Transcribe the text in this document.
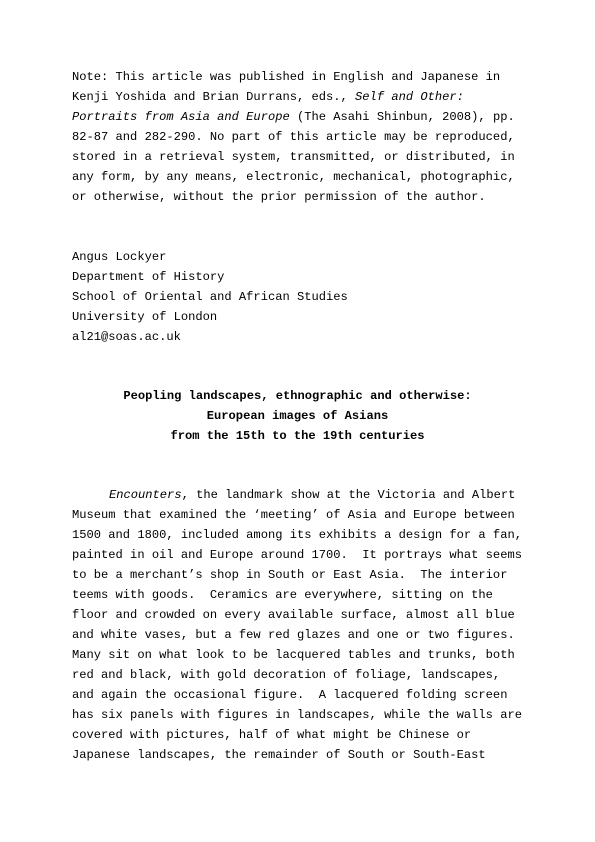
Note: This article was published in English and Japanese in
Kenji Yoshida and Brian Durrans, eds., Self and Other:
Portraits from Asia and Europe (The Asahi Shinbun, 2008), pp.
82-87 and 282-290. No part of this article may be reproduced,
stored in a retrieval system, transmitted, or distributed, in
any form, by any means, electronic, mechanical, photographic,
or otherwise, without the prior permission of the author.
Angus Lockyer
Department of History
School of Oriental and African Studies
University of London
al21@soas.ac.uk
Peopling landscapes, ethnographic and otherwise:
European images of Asians
from the 15th to the 19th centuries
Encounters, the landmark show at the Victoria and Albert
Museum that examined the ‘meeting’ of Asia and Europe between
1500 and 1800, included among its exhibits a design for a fan,
painted in oil and Europe around 1700.  It portrays what seems
to be a merchant’s shop in South or East Asia.  The interior
teems with goods.  Ceramics are everywhere, sitting on the
floor and crowded on every available surface, almost all blue
and white vases, but a few red glazes and one or two figures.
Many sit on what look to be lacquered tables and trunks, both
red and black, with gold decoration of foliage, landscapes,
and again the occasional figure.  A lacquered folding screen
has six panels with figures in landscapes, while the walls are
covered with pictures, half of what might be Chinese or
Japanese landscapes, the remainder of South or South-East
